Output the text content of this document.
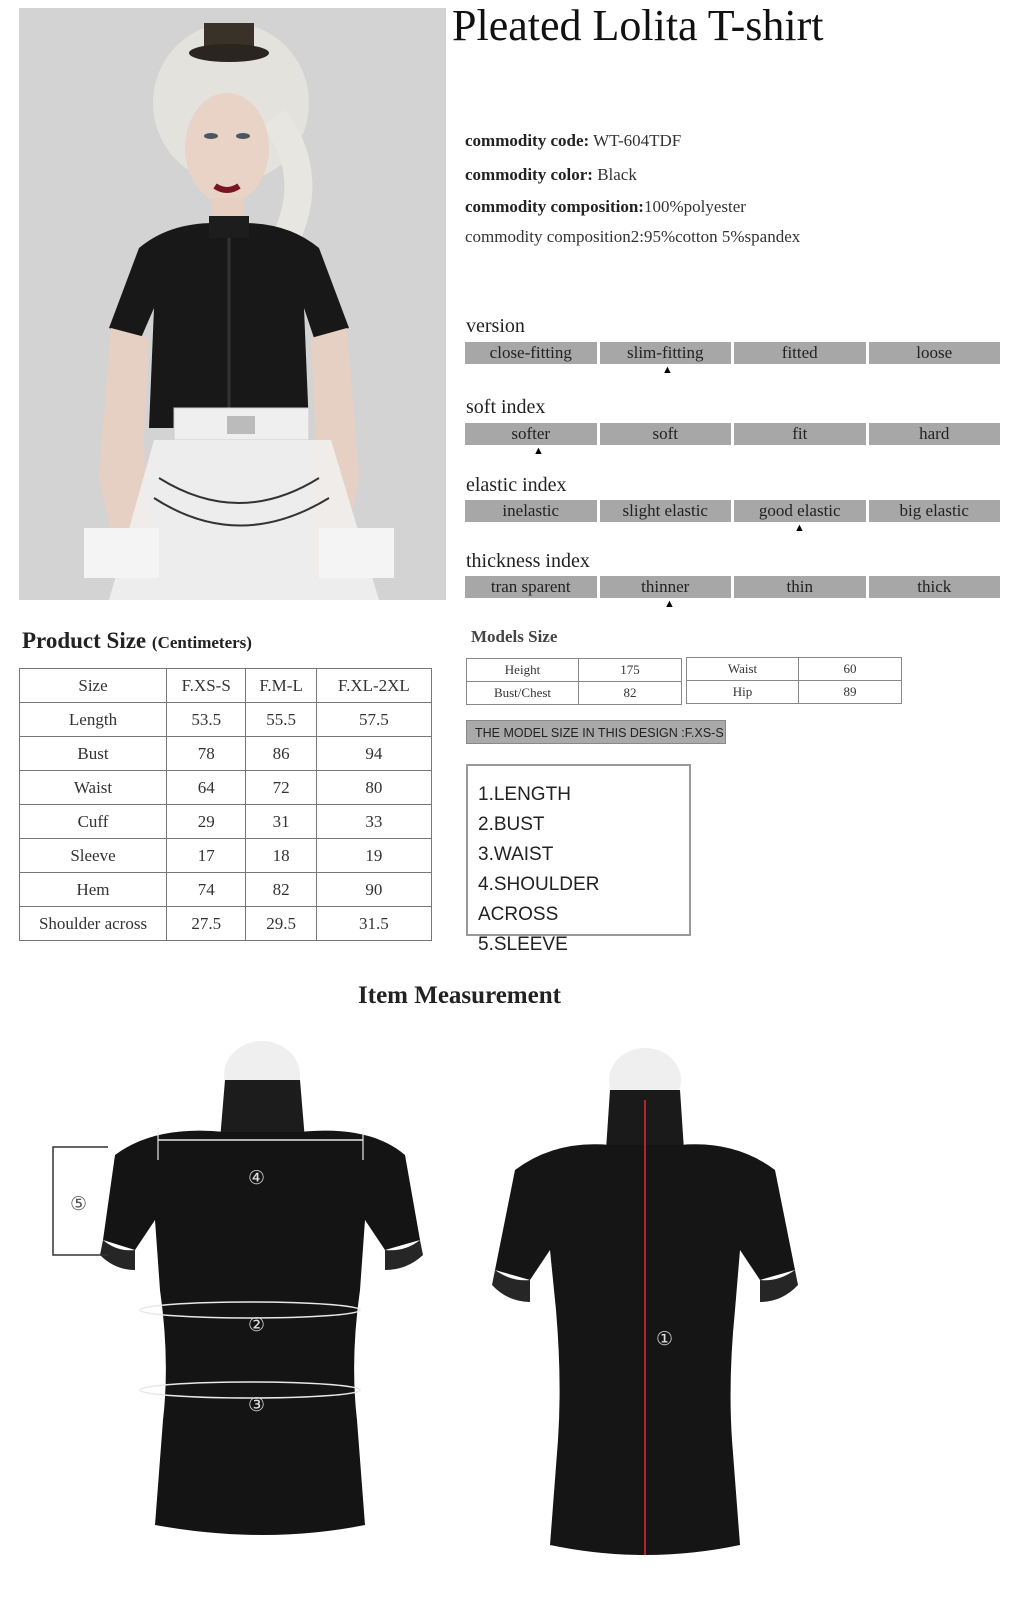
Pleated Lolita T-shirt
commodity code: WT-604TDF
commodity color: Black
commodity composition:100%polyester
commodity composition2:95%cotton 5%spandex
version
close-fitting	slim-fitting	fitted	loose
▲
soft index
softer	soft	fit	hard
▲
elastic index
inelastic	slight elastic	good elastic	big elastic
▲
thickness index
tran sparent	thinner	thin	thick
▲
Product Size (Centimeters)
Size	F.XS-S	F.M-L	F.XL-2XL
Length	53.5	55.5	57.5
Bust	78	86	94
Waist	64	72	80
Cuff	29	31	33
Sleeve	17	18	19
Hem	74	82	90
Shoulder across	27.5	29.5	31.5
Models Size
Height	175
Bust/Chest	82
Waist	60
Hip	89
THE MODEL SIZE IN THIS DESIGN :F.XS-S
1.LENGTH
2.BUST
3.WAIST
4.SHOULDER ACROSS
5.SLEEVE
Item Measurement
④
②
③
⑤
①
